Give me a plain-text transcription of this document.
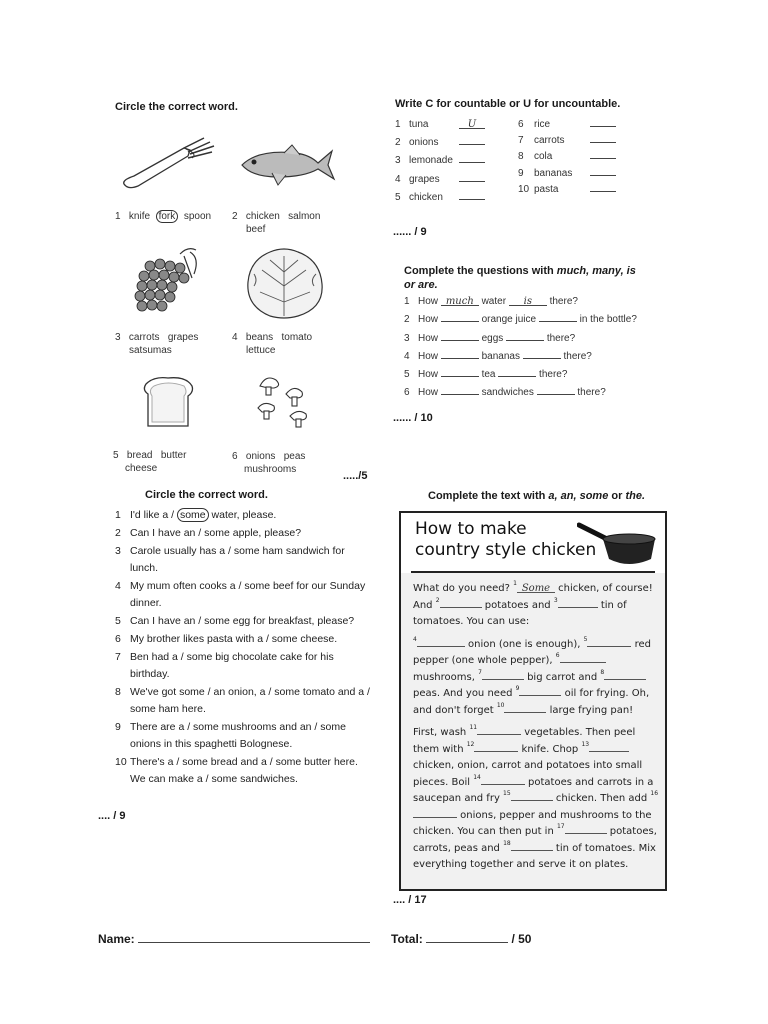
Circle the correct word.
1 knife fork spoon 2 chicken salmon
beef
3 carrots grapes
satsumas
4 beans tomato
lettuce
5 bread butter
cheese
6 onions peas
mushrooms
...../5
Write C for countable or U for uncountable.
1 tuna	U
2 onions
3 lemonade
4 grapes
5 chicken
6 rice
7 carrots
8 cola
9 bananas
10 pasta
...... / 9
Complete the questions with much, many, is
or are.
1 How much water is there?
2 How	orange juice	in the bottle?
3 How	eggs	there?
4 How	bananas	there?
5 How	tea	there?
6 How	sandwiches	there?
...... / 10
Circle the correct word.
1 I'd like a / some water, please.
2 Can I have an / some apple, please?
3 Carole usually has a / some ham sandwich for lunch.
4 My mum often cooks a / some beef for our Sunday dinner.
5 Can I have an / some egg for breakfast, please?
6 My brother likes pasta with a / some cheese.
7 Ben had a / some big chocolate cake for his birthday.
8 We've got some / an onion, a / some tomato and a / some ham here.
9 There are a / some mushrooms and an / some onions in this spaghetti Bolognese.
10 There's a / some bread and a / some butter here. We can make a / some sandwiches.
.... / 9
Complete the text with a, an, some or the.
How to make
country style chicken
What do you need? $^1$ Some chicken, of course! And $^2$	potatoes and $^3$	tin of tomatoes. You can use:
$^4$	onion (one is enough), $^5$	red pepper (one whole pepper), $^6$ mushrooms, $^7$	big carrot and $^8$ peas. And you need $^9$	oil for frying. Oh, and don't forget $^{10}$	large frying pan!
First, wash $^{11}$	vegetables. Then peel them with $^{12}$	knife. Chop $^{13}$ chicken, onion, carrot and potatoes into small pieces. Boil $^{14}$	potatoes and carrots in a saucepan and fry $^{15}$	chicken. Then add $^{16}$ onions, pepper and mushrooms to the chicken. You can then put in $^{17}$	potatoes, carrots, peas and $^{18}$	tin of tomatoes. Mix everything together and serve it on plates.
.... / 17
Name:	Total:	/ 50
